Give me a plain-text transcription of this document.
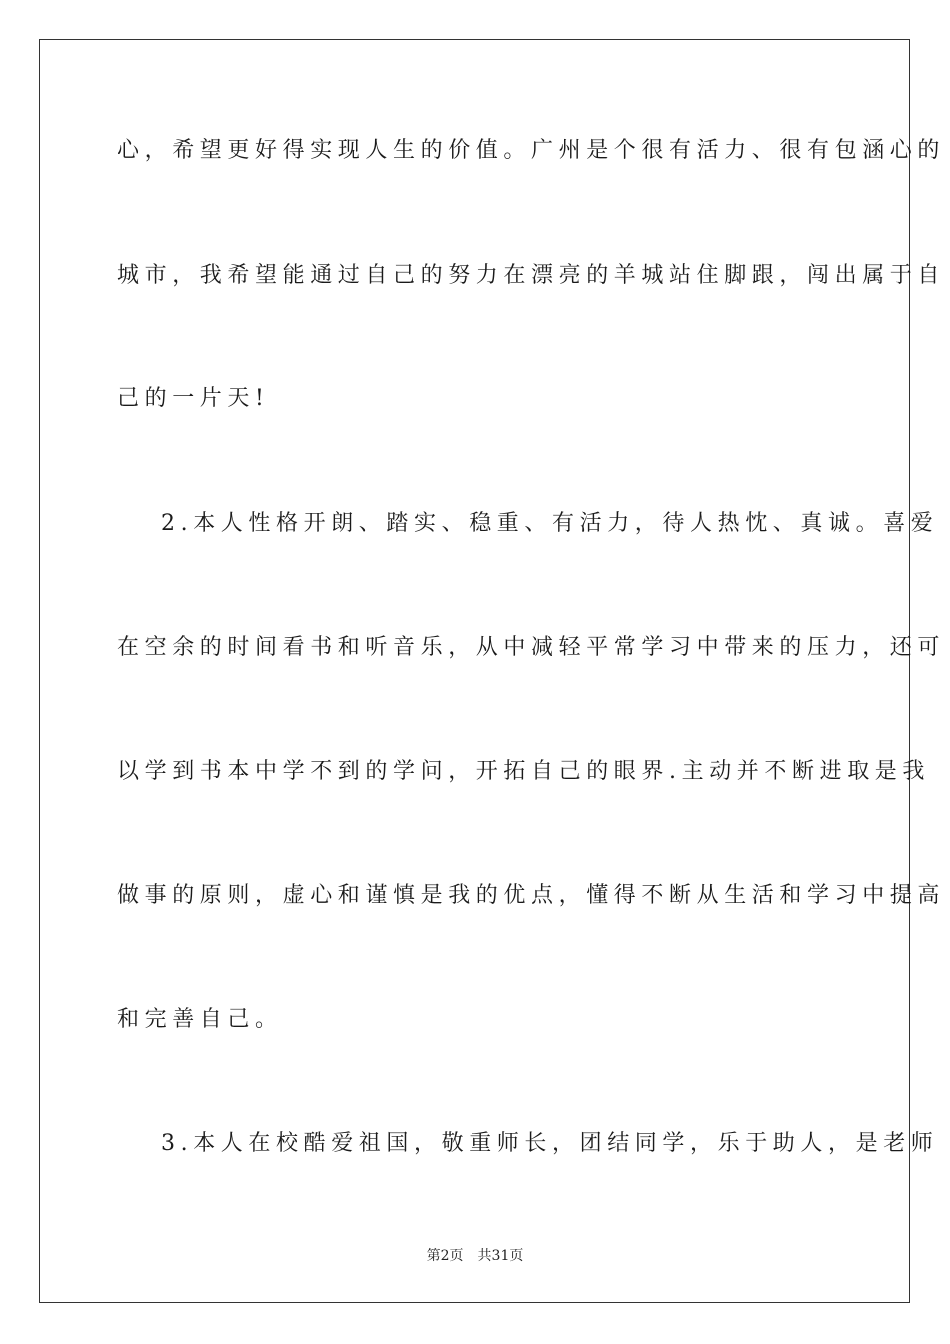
心，希望更好得实现人生的价值。广州是个很有活力、很有包涵心的
城市，我希望能通过自己的努力在漂亮的羊城站住脚跟，闯出属于自
己的一片天!
2.本人性格开朗、踏实、稳重、有活力，待人热忱、真诚。喜爱
在空余的时间看书和听音乐，从中减轻平常学习中带来的压力，还可
以学到书本中学不到的学问，开拓自己的眼界.主动并不断进取是我
做事的原则，虚心和谨慎是我的优点，懂得不断从生活和学习中提高
和完善自己。
3.本人在校酷爱祖国，敬重师长，团结同学，乐于助人，是老师
第2页 共31页
